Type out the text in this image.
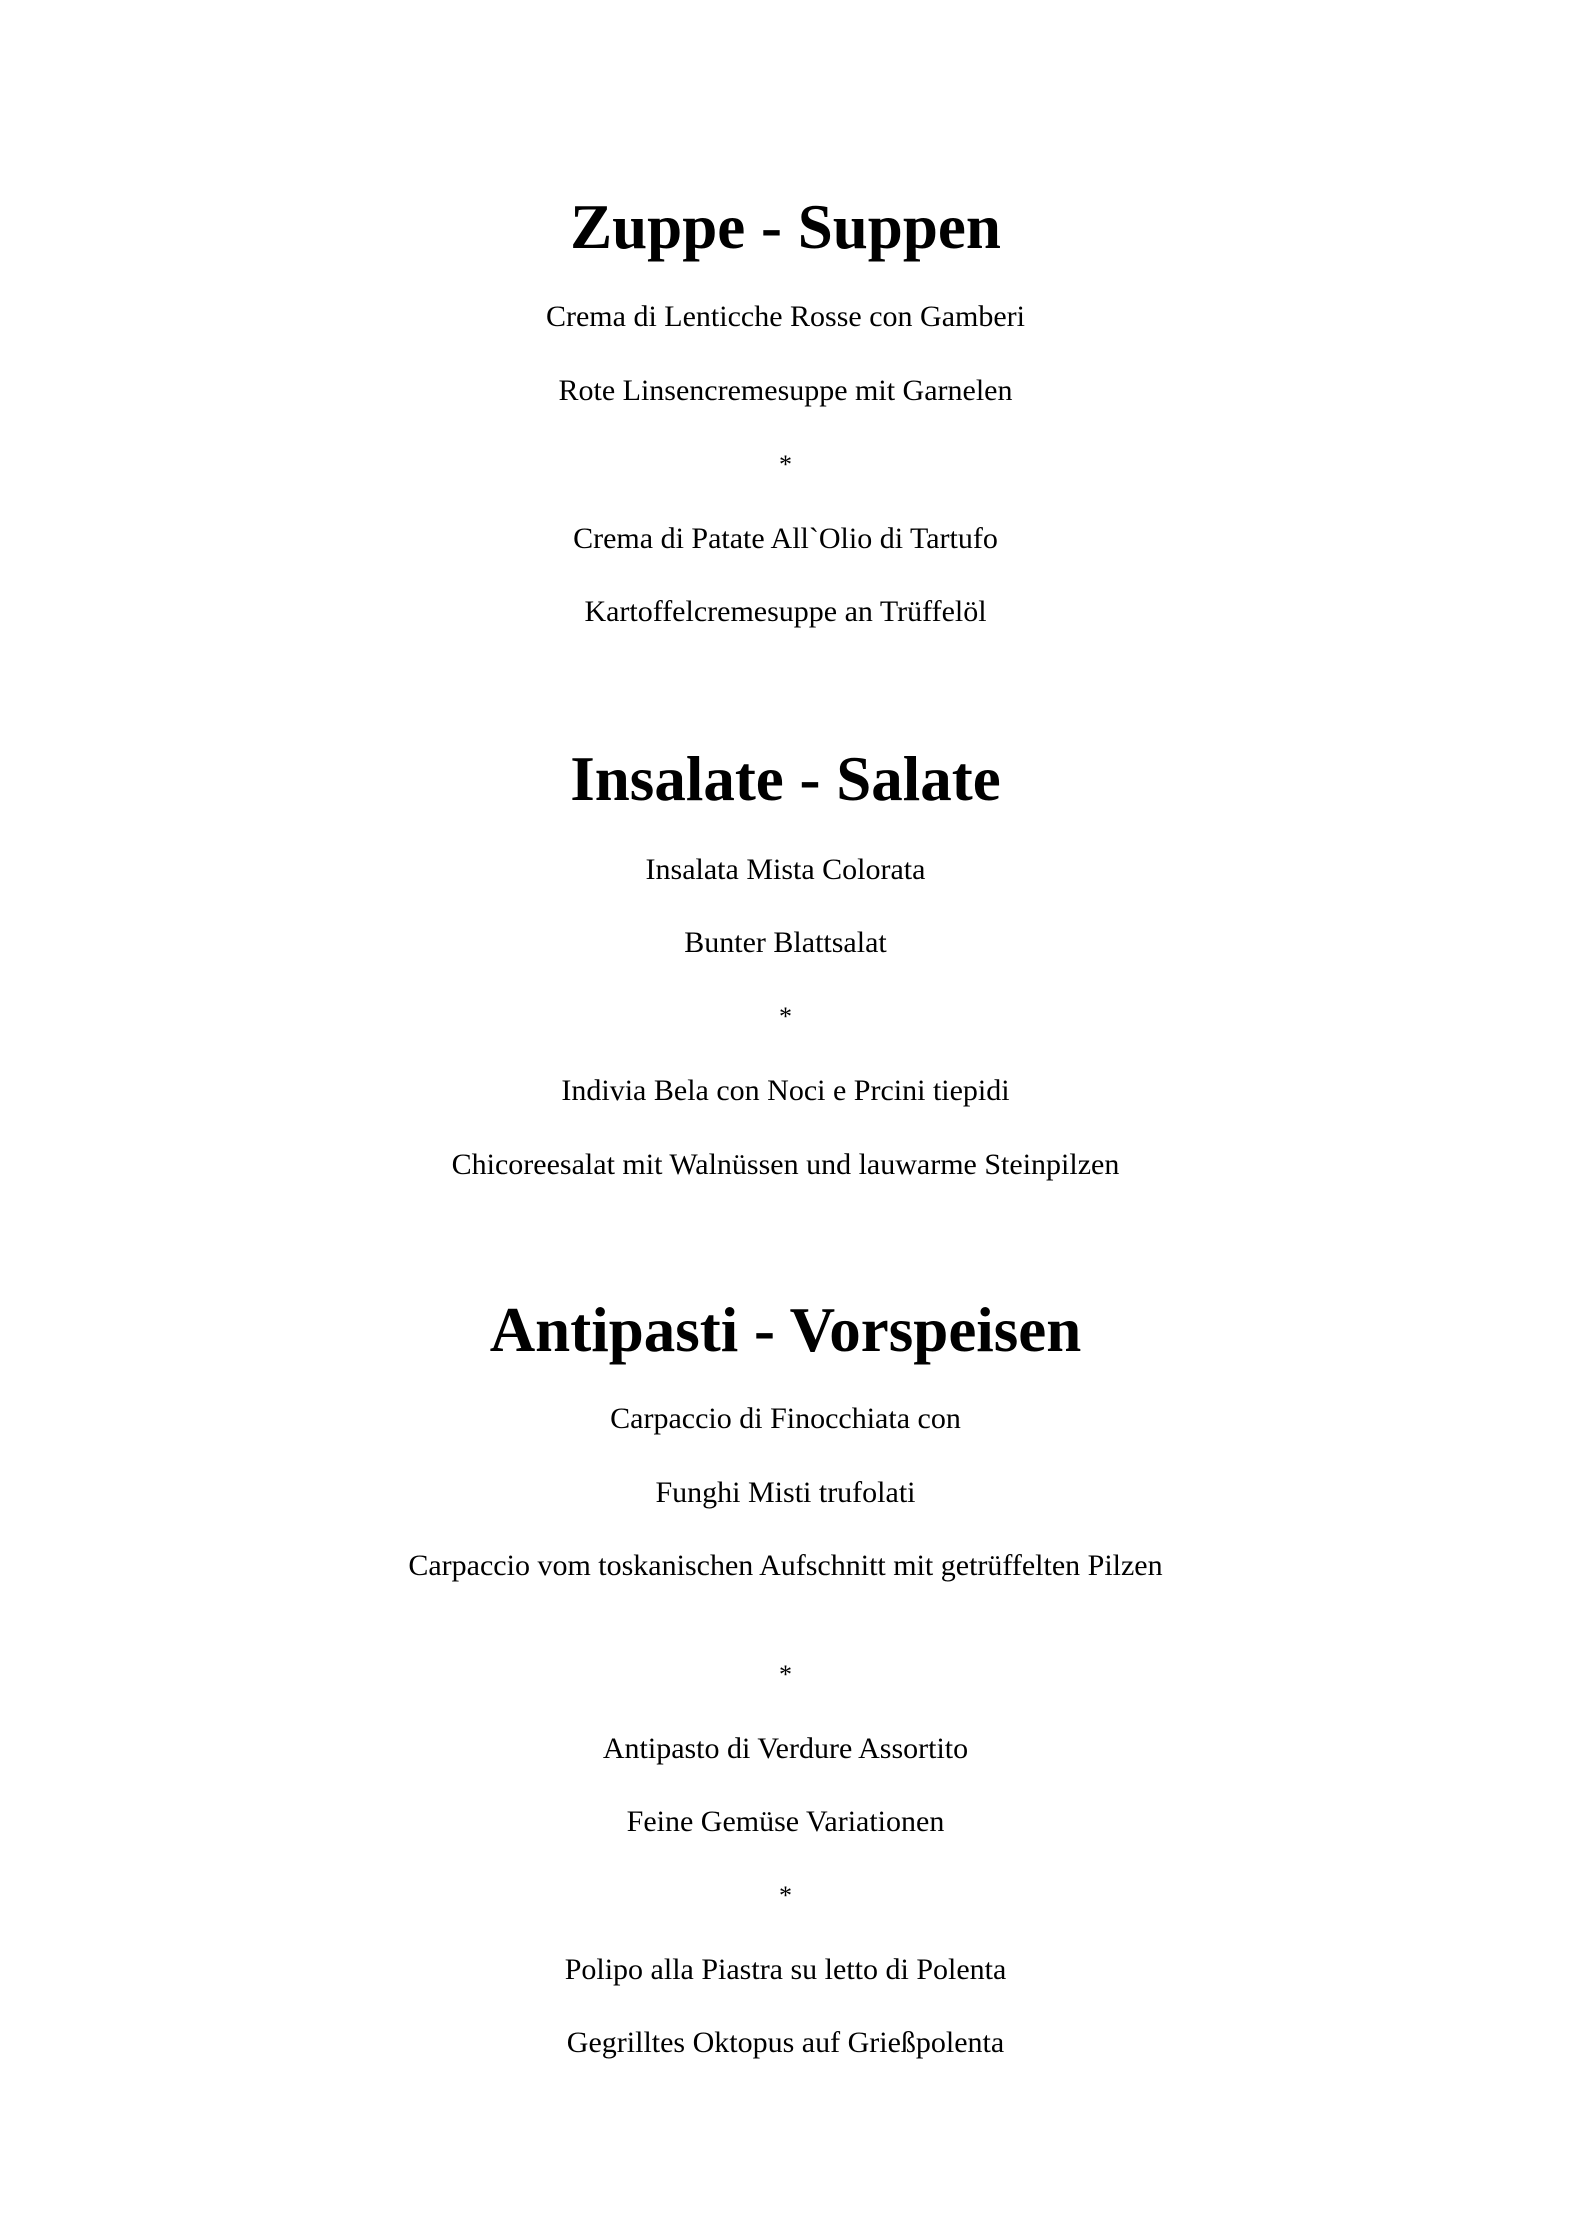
Zuppe - Suppen
Crema di Lenticche Rosse con Gamberi
Rote Linsencremesuppe mit Garnelen
*
Crema di Patate All`Olio di Tartufo
Kartoffelcremesuppe an Trüffelöl
Insalate - Salate
Insalata Mista Colorata
Bunter Blattsalat
*
Indivia Bela con Noci e Prcini tiepidi
Chicoreesalat mit Walnüssen und lauwarme Steinpilzen
Antipasti - Vorspeisen
Carpaccio di Finocchiata con
Funghi Misti trufolati
Carpaccio vom toskanischen Aufschnitt mit getrüffelten Pilzen
*
Antipasto di Verdure Assortito
Feine Gemüse Variationen
*
Polipo alla Piastra su letto di Polenta
Gegrilltes Oktopus auf Grießpolenta
